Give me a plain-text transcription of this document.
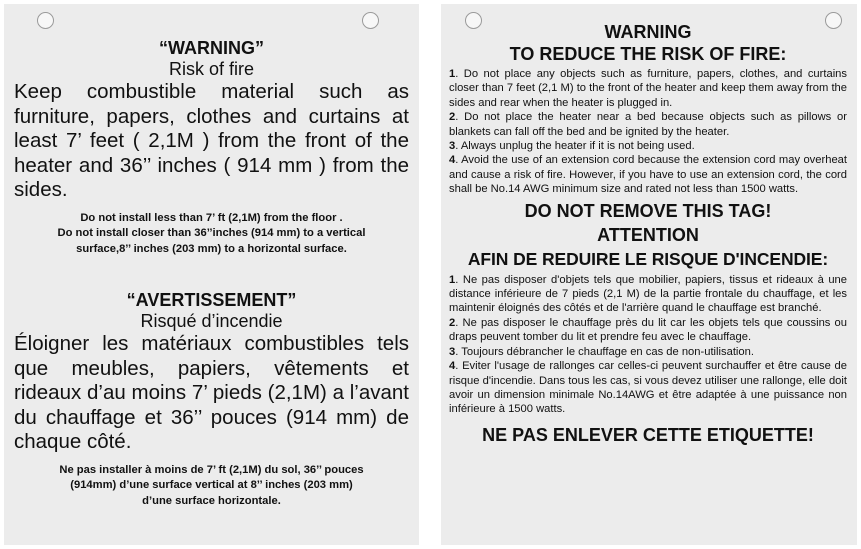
“WARNING”

Risk of fire

Keep combustible material such as furniture, papers, clothes and curtains at least 7’ feet ( 2,1M ) from the front of the heater and 36’’ inches ( 914 mm ) from the sides.

Do not install less than 7’ ft (2,1M) from the floor .

Do not install closer than 36’’inches (914 mm) to a vertical

surface,8’’ inches (203 mm) to a horizontal surface.

“AVERTISSEMENT”

Risqué d’incendie

Éloigner les matériaux combustibles tels que meubles, papiers, vêtements et rideaux d’au moins 7’ pieds (2,1M) a l’avant du chauffage et 36’’ pouces (914 mm) de chaque côté.

Ne pas installer à moins de 7’ ft (2,1M) du sol, 36’’ pouces

(914mm) d’une surface vertical at 8’’ inches (203 mm)

d’une surface horizontale.

WARNING

TO REDUCE THE RISK OF FIRE:

1. Do not place any objects such as furniture, papers, clothes, and curtains closer than 7 feet (2,1 M) to the front of the heater and keep them away from the sides and rear when the heater is plugged in.

2. Do not place the heater near a bed because objects such as pillows or blankets can fall off the bed and be ignited by the heater.

3. Always unplug the heater if it is not being used.

4. Avoid the use of an extension cord because the extension cord may overheat and cause a risk of fire. However, if you have to use an extension cord, the cord shall be No.14 AWG minimum size and rated not less than 1500 watts.

DO NOT REMOVE THIS TAG!

ATTENTION

AFIN DE REDUIRE LE RISQUE D'INCENDIE:

1. Ne pas disposer d'objets tels que mobilier, papiers, tissus et rideaux à une distance inférieure de 7 pieds (2,1 M) de la partie frontale du chauffage, et les maintenir éloignés des côtés et de l'arrière quand le chauffage est branché.

2. Ne pas disposer le chauffage près du lit car les objets tels que coussins ou draps peuvent tomber du lit et prendre feu avec le chauffage.

3. Toujours débrancher le chauffage en cas de non-utilisation.

4. Eviter l'usage de rallonges car celles-ci peuvent surchauffer et être cause de risque d'incendie. Dans tous les cas, si vous devez utiliser une rallonge, elle doit avoir un dimension minimale No.14AWG et être adaptée à une puissance non inférieure à 1500 watts.

NE PAS ENLEVER CETTE ETIQUETTE!
